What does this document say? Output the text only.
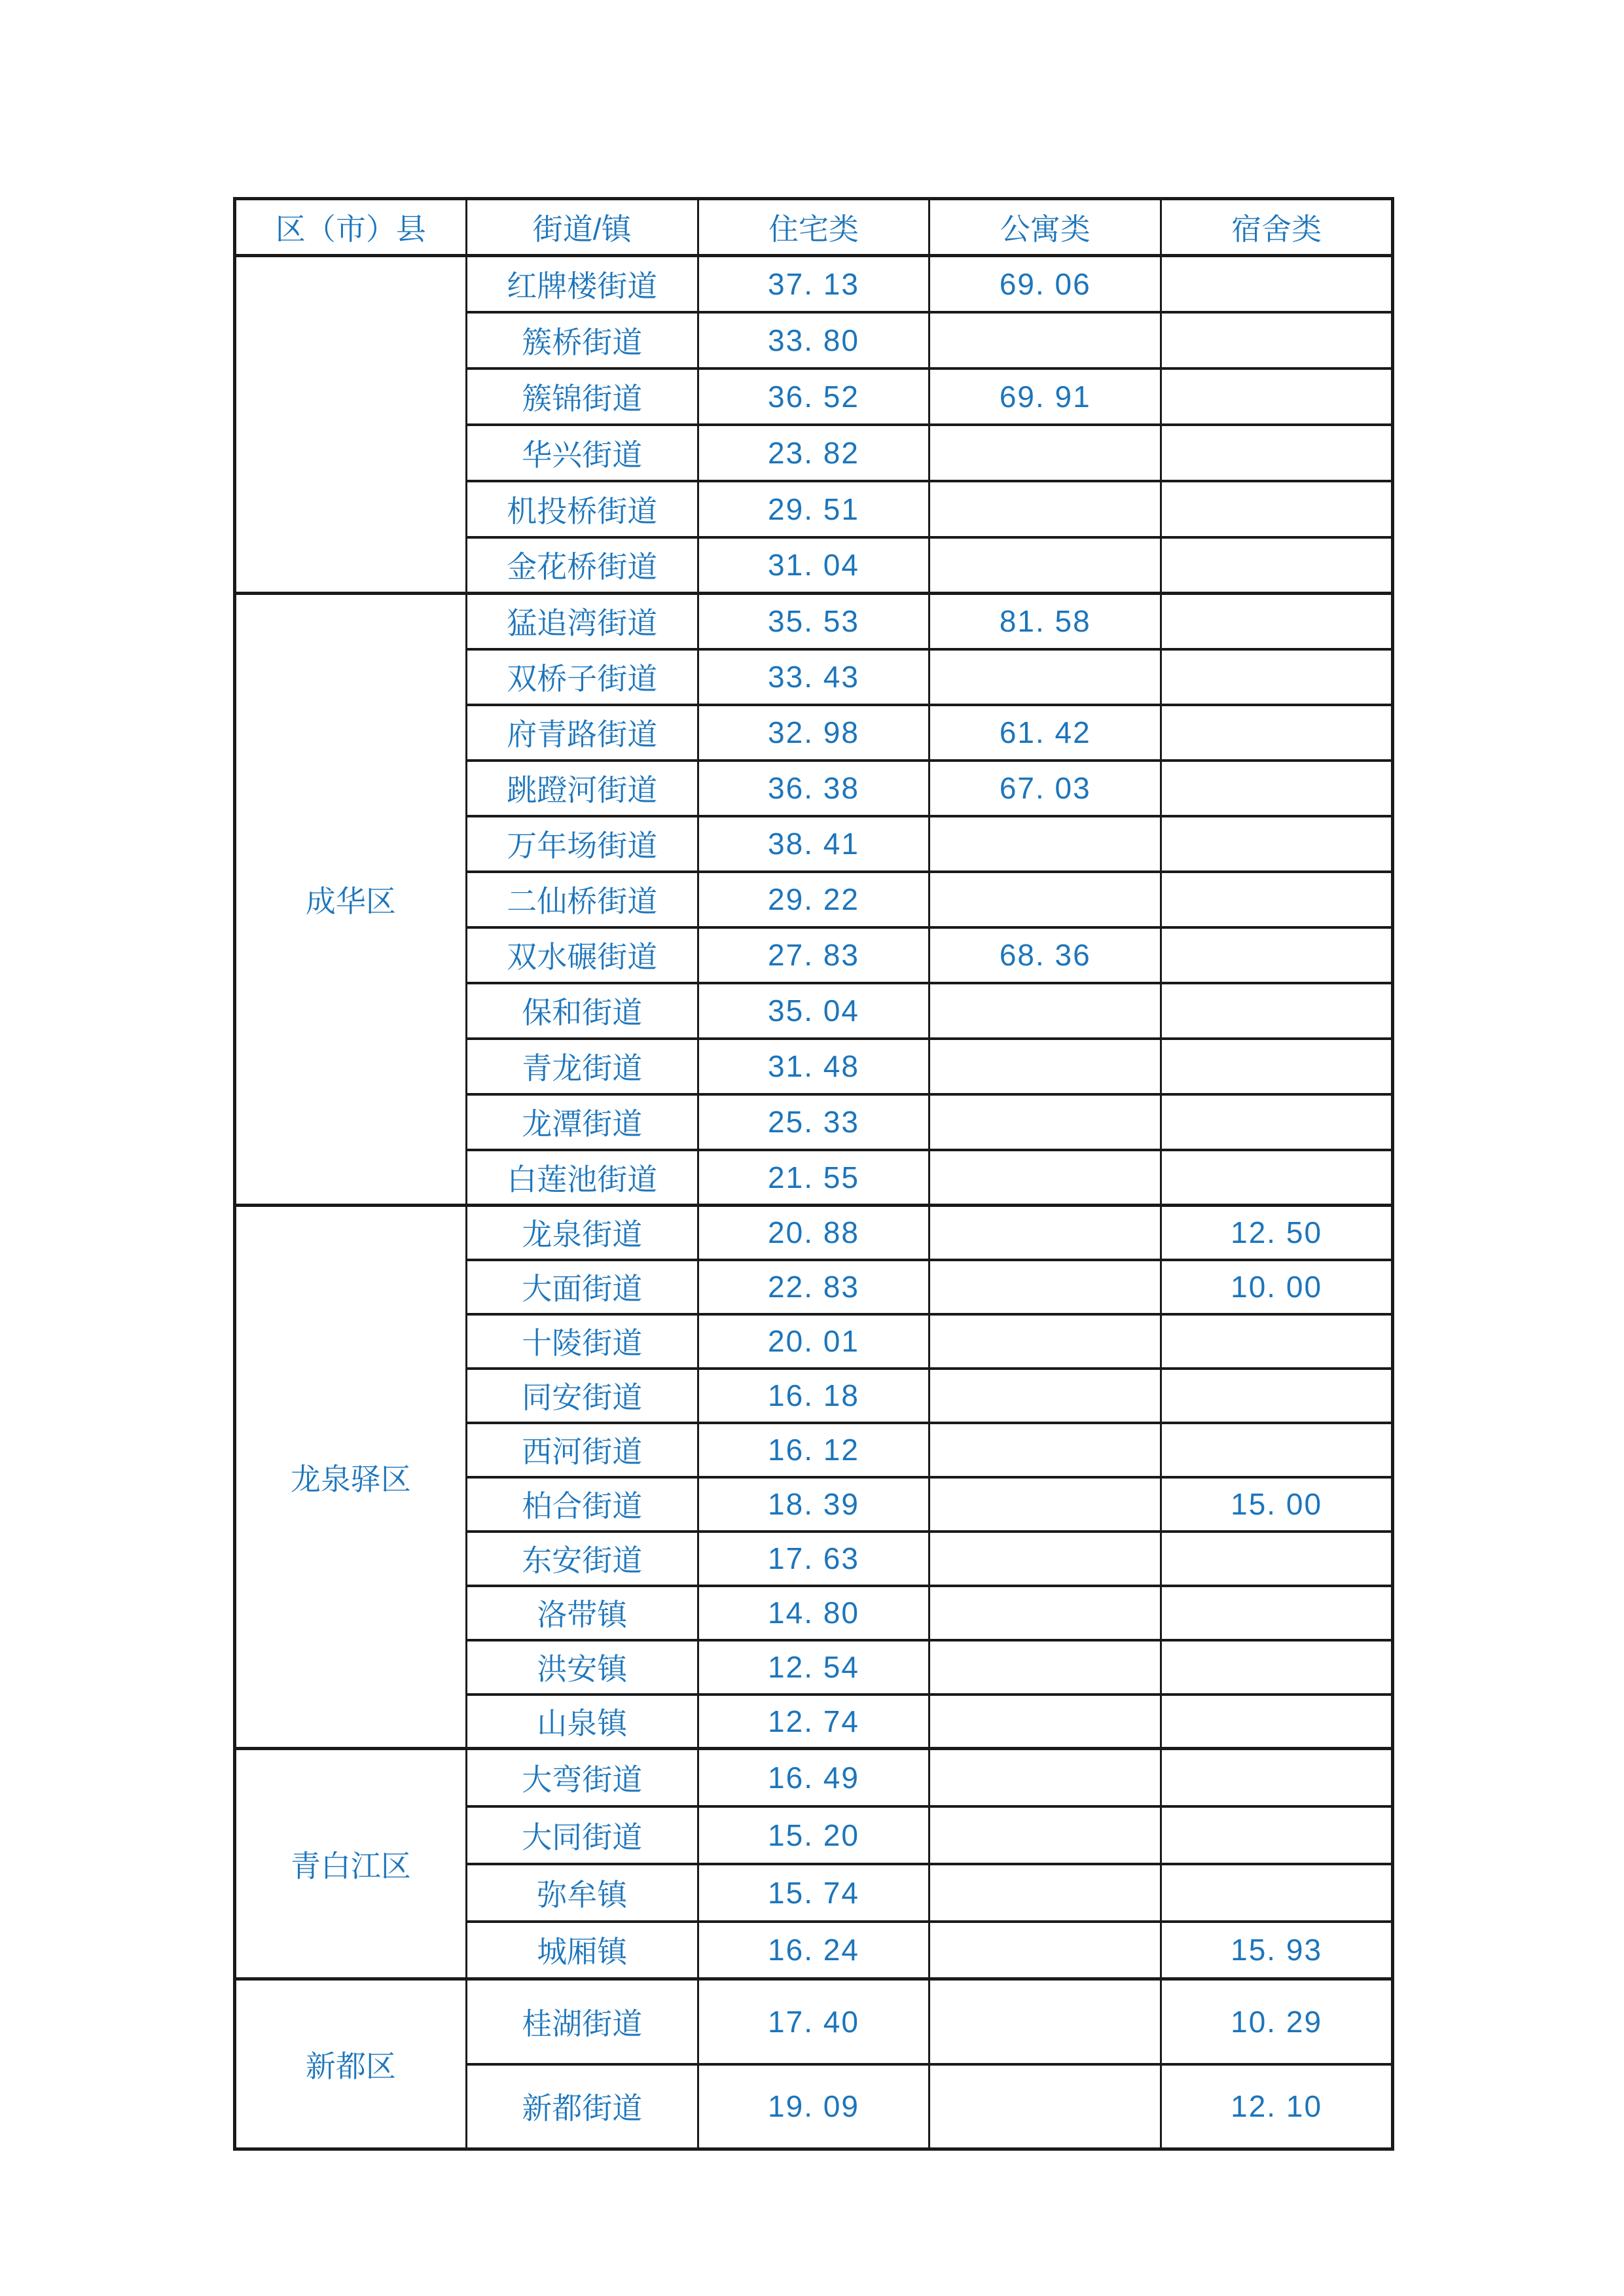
区（市）县	街道/镇	住宅类	公寓类	宿舍类
	红牌楼街道	37. 13	69. 06	
	簇桥街道	33. 80		
	簇锦街道	36. 52	69. 91	
	华兴街道	23. 82		
	机投桥街道	29. 51		
	金花桥街道	31. 04		
成华区	猛追湾街道	35. 53	81. 58	
	双桥子街道	33. 43		
	府青路街道	32. 98	61. 42	
	跳蹬河街道	36. 38	67. 03	
	万年场街道	38. 41		
	二仙桥街道	29. 22		
	双水碾街道	27. 83	68. 36	
	保和街道	35. 04		
	青龙街道	31. 48		
	龙潭街道	25. 33		
	白莲池街道	21. 55		
龙泉驿区	龙泉街道	20. 88		12. 50
	大面街道	22. 83		10. 00
	十陵街道	20. 01		
	同安街道	16. 18		
	西河街道	16. 12		
	柏合街道	18. 39		15. 00
	东安街道	17. 63		
	洛带镇	14. 80		
	洪安镇	12. 54		
	山泉镇	12. 74		
青白江区	大弯街道	16. 49		
	大同街道	15. 20		
	弥牟镇	15. 74		
	城厢镇	16. 24		15. 93
新都区	桂湖街道	17. 40		10. 29
	新都街道	19. 09		12. 10
